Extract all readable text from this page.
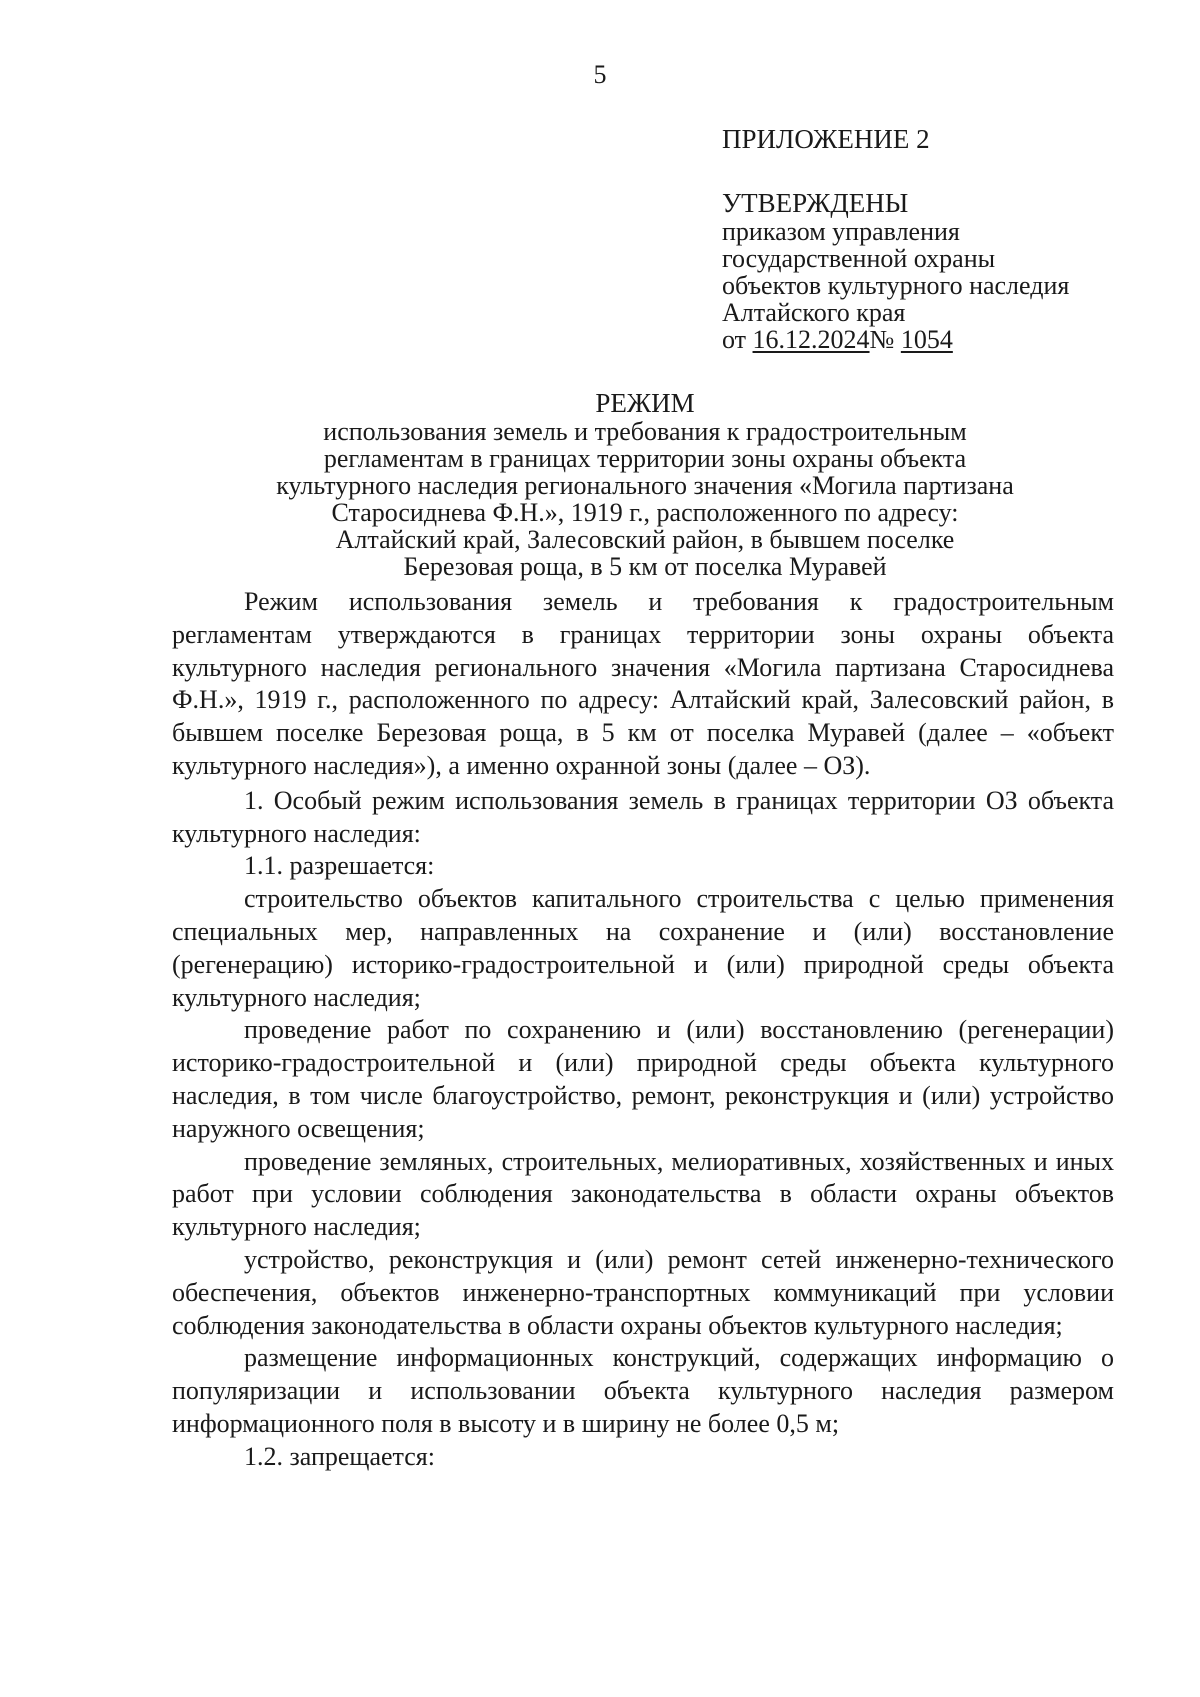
5
ПРИЛОЖЕНИЕ 2
УТВЕРЖДЕНЫ
приказом управления
государственной охраны
объектов культурного наследия
Алтайского края
от 16.12.2024№ 1054
РЕЖИМ
использования земель и требования к градостроительным
регламентам в границах территории зоны охраны объекта
культурного наследия регионального значения «Могила партизана
Старосиднева Ф.Н.», 1919 г., расположенного по адресу:
Алтайский край, Залесовский район, в бывшем поселке
Березовая роща, в 5 км от поселка Муравей

Режим использования земель и требования к градостроительным регламентам утверждаются в границах территории зоны охраны объекта культурного наследия регионального значения «Могила партизана Старосиднева Ф.Н.», 1919 г., расположенного по адресу: Алтайский край, Залесовский район, в бывшем поселке Березовая роща, в 5 км от поселка Муравей (далее – «объект культурного наследия»), а именно охранной зоны (далее – ОЗ).

1. Особый режим использования земель в границах территории ОЗ объекта культурного наследия:

1.1. разрешается:

строительство объектов капитального строительства с целью применения специальных мер, направленных на сохранение и (или) восстановление (регенерацию) историко-градостроительной и (или) природной среды объекта культурного наследия;

проведение работ по сохранению и (или) восстановлению (регенерации) историко-градостроительной и (или) природной среды объекта культурного наследия, в том числе благоустройство, ремонт, реконструкция и (или) устройство наружного освещения;

проведение земляных, строительных, мелиоративных, хозяйственных и иных работ при условии соблюдения законодательства в области охраны объектов культурного наследия;

устройство, реконструкция и (или) ремонт сетей инженерно-технического обеспечения, объектов инженерно-транспортных коммуникаций при условии соблюдения законодательства в области охраны объектов культурного наследия;

размещение информационных конструкций, содержащих информацию о популяризации и использовании объекта культурного наследия размером информационного поля в высоту и в ширину не более 0,5 м;

1.2. запрещается:
